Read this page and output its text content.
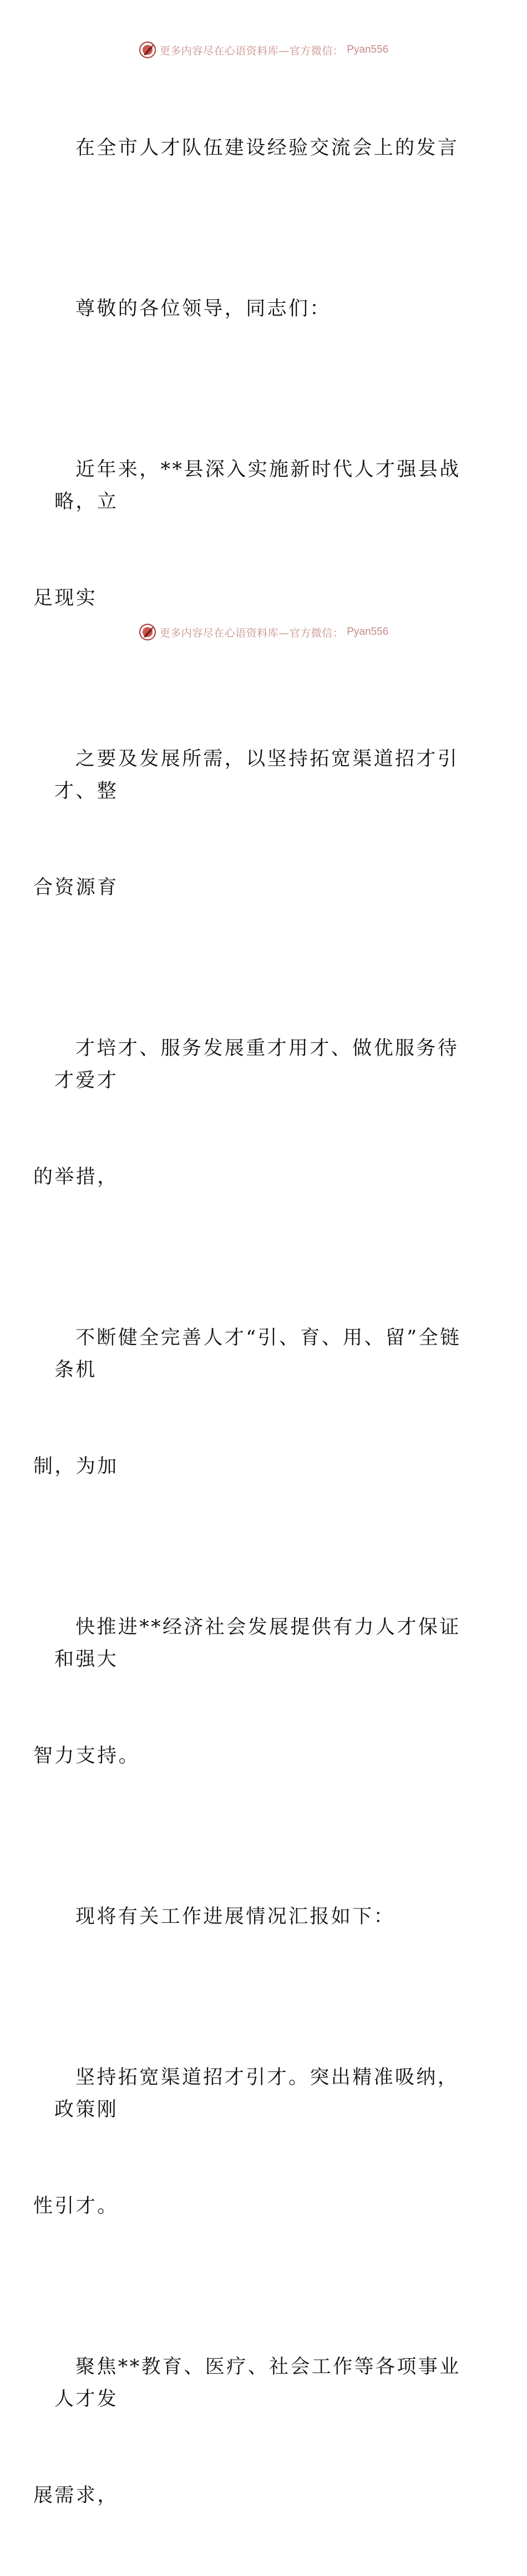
更多内容尽在心语资料库—官方微信： Pyan556

在全市人才队伍建设经验交流会上的发言

尊敬的各位领导，同志们：

近年来，**县深入实施新时代人才强县战略，立

足现实

之要及发展所需，以坚持拓宽渠道招才引才、整

合资源育

才培才、服务发展重才用才、做优服务待才爱才

的举措，

不断健全完善人才“引、育、用、留”全链条机

制，为加

快推进**经济社会发展提供有力人才保证和强大

智力支持。

现将有关工作进展情况汇报如下：

坚持拓宽渠道招才引才。突出精准吸纳，政策刚

性引才。

聚焦**教育、医疗、社会工作等各项事业人才发

展需求，

更多内容尽在心语资料库—官方微信： Pyan556
